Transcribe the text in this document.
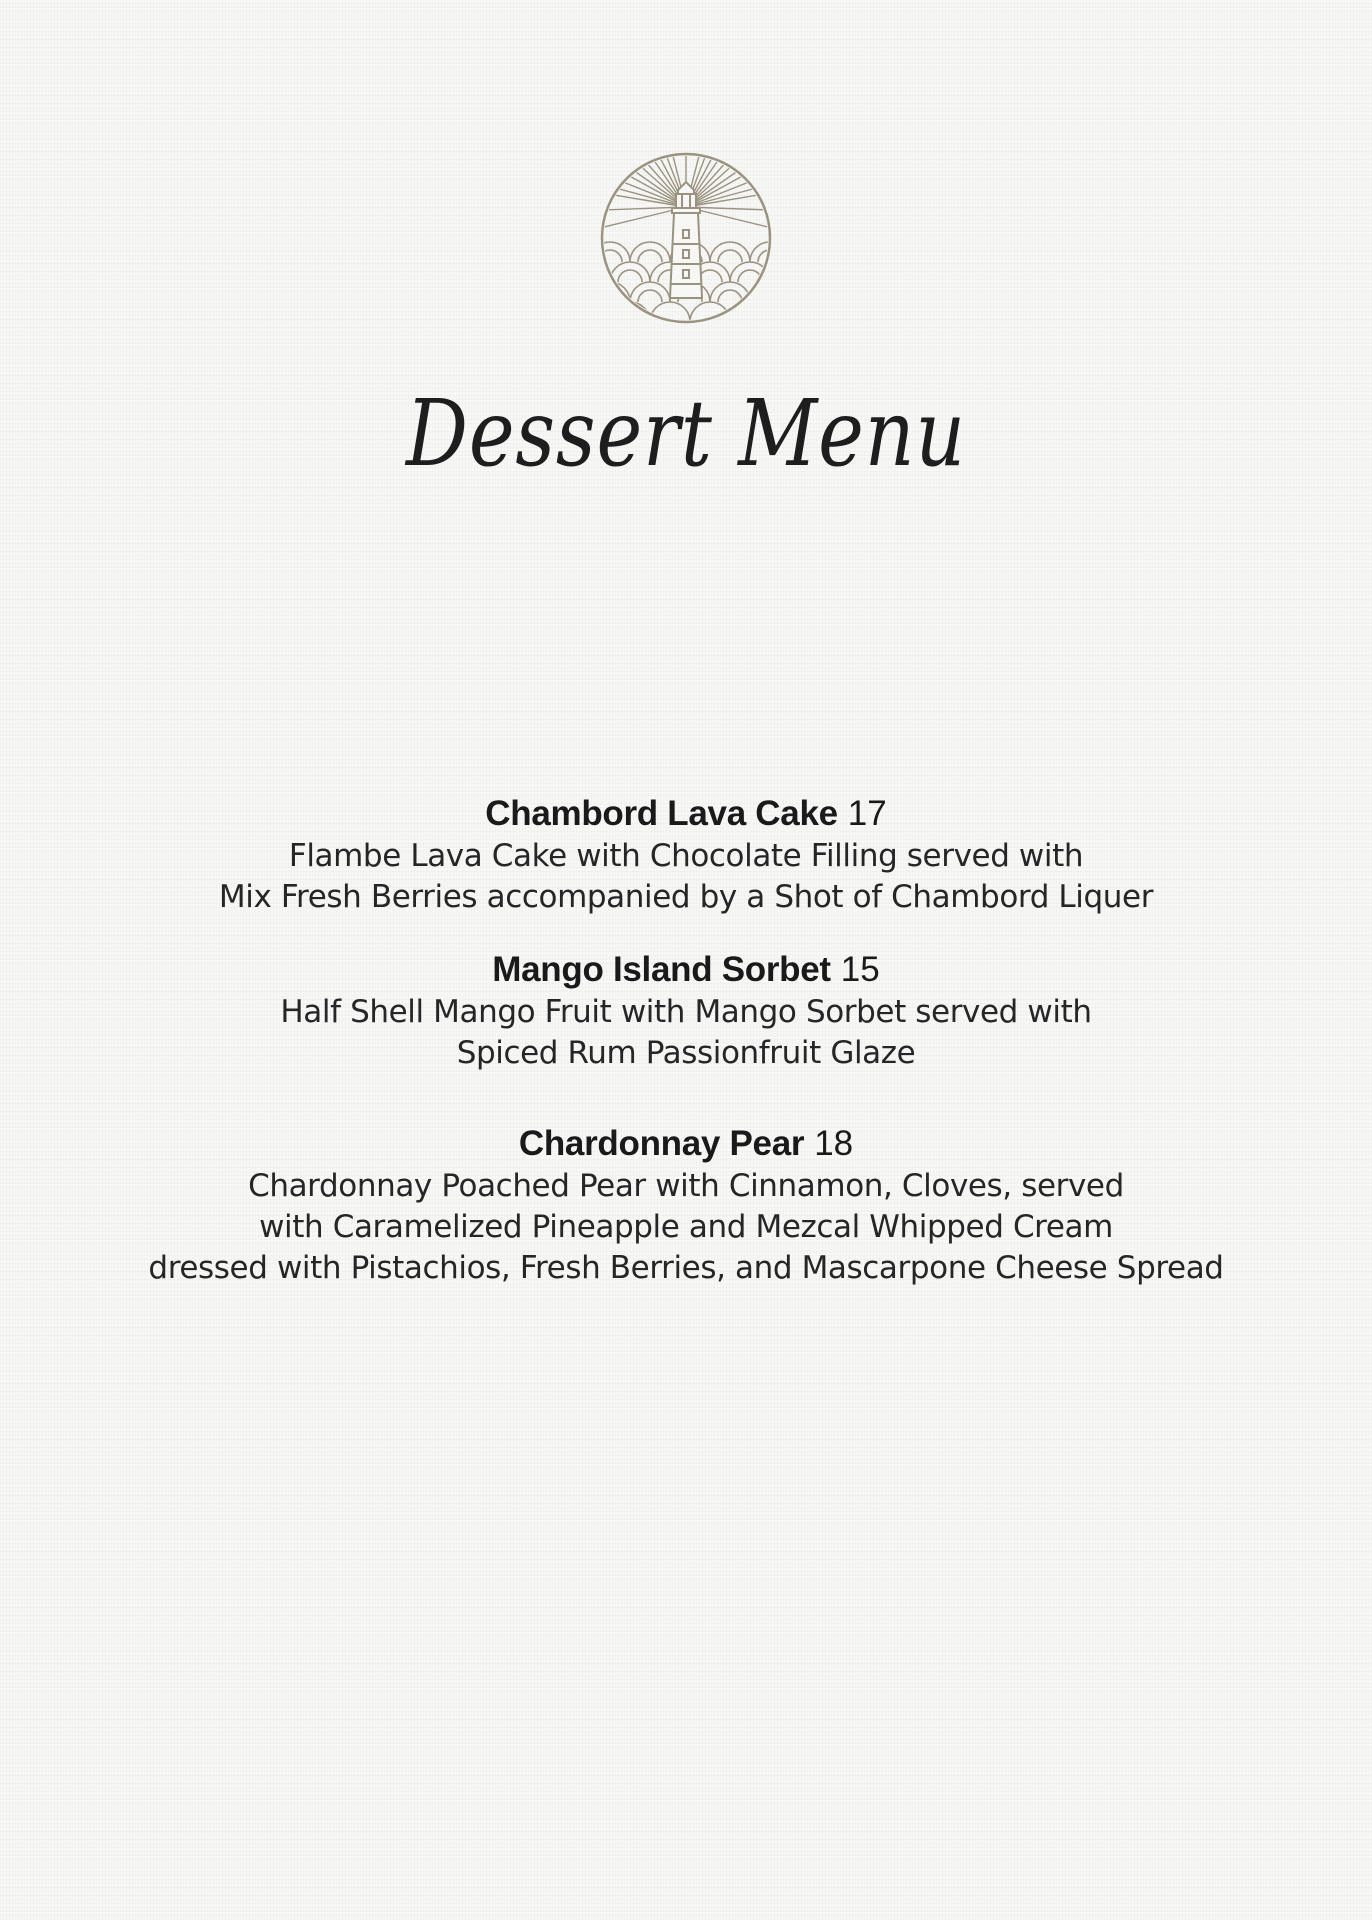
Dessert Menu
Chambord Lava Cake 17
Flambe Lava Cake with Chocolate Filling served with
Mix Fresh Berries accompanied by a Shot of Chambord Liquer
Mango Island Sorbet 15
Half Shell Mango Fruit with Mango Sorbet served with
Spiced Rum Passionfruit Glaze
Chardonnay Pear 18
Chardonnay Poached Pear with Cinnamon, Cloves, served
with Caramelized Pineapple and Mezcal Whipped Cream
dressed with Pistachios, Fresh Berries, and Mascarpone Cheese Spread
